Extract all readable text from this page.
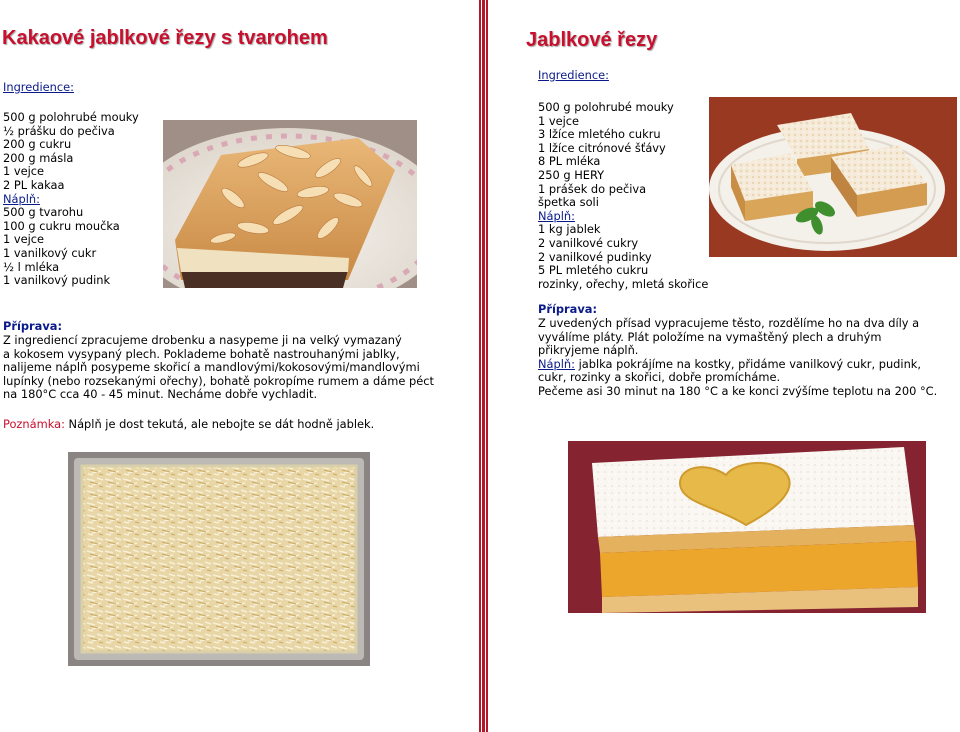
Kakaové jablkové řezy s tvarohem
Ingredience:
500 g polohrubé mouky
½ prášku do pečiva
200 g cukru
200 g másla
1 vejce
2 PL kakaa
Náplň:
500 g tvarohu
100 g cukru moučka
1 vejce
1 vanilkový cukr
½ l mléka
1 vanilkový pudink
Příprava:
Z ingrediencí zpracujeme drobenku a nasypeme ji na velký vymazaný
a kokosem vysypaný plech. Poklademe bohatě nastrouhanými jablky,
nalijeme náplň posypeme skořicí a mandlovými/kokosovými/mandlovými
lupínky (nebo rozsekanými ořechy), bohatě pokropíme rumem a dáme péct
na 180°C cca 40 - 45 minut. Necháme dobře vychladit.
Poznámka: Náplň je dost tekutá, ale nebojte se dát hodně jablek.
Jablkové řezy
Ingredience:
500 g polohrubé mouky
1 vejce
3 lžíce mletého cukru
1 lžíce citrónové šťávy
8 PL mléka
250 g HERY
1 prášek do pečiva
špetka soli
Náplň:
1 kg jablek
2 vanilkové cukry
2 vanilkové pudinky
5 PL mletého cukru
rozinky, ořechy, mletá skořice
Příprava:
Z uvedených přísad vypracujeme těsto, rozdělíme ho na dva díly a
vyválíme pláty. Plát položíme na vymaštěný plech a druhým
přikryjeme náplň.
Náplň: jablka pokrájíme na kostky, přidáme vanilkový cukr, pudink,
cukr, rozinky a skořici, dobře promícháme.
Pečeme asi 30 minut na 180 °C a ke konci zvýšíme teplotu na 200 °C.
